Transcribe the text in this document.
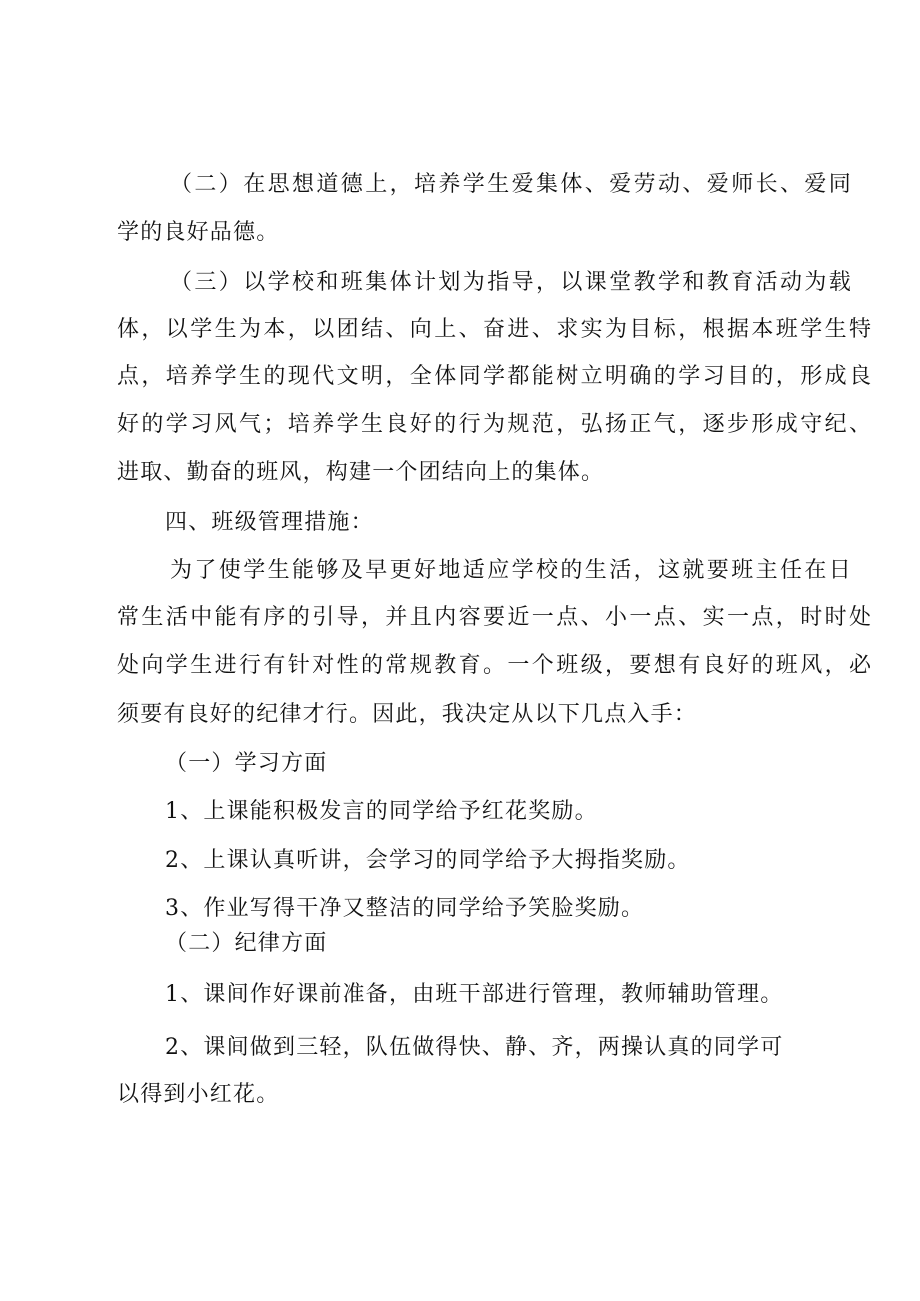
（二）在思想道德上，培养学生爱集体、爱劳动、爱师长、爱同
学的良好品德。
（三）以学校和班集体计划为指导，以课堂教学和教育活动为载
体，以学生为本，以团结、向上、奋进、求实为目标，根据本班学生特
点，培养学生的现代文明，全体同学都能树立明确的学习目的，形成良
好的学习风气；培养学生良好的行为规范，弘扬正气，逐步形成守纪、
进取、勤奋的班风，构建一个团结向上的集体。
四、班级管理措施：
为了使学生能够及早更好地适应学校的生活，这就要班主任在日
常生活中能有序的引导，并且内容要近一点、小一点、实一点，时时处
处向学生进行有针对性的常规教育。一个班级，要想有良好的班风，必
须要有良好的纪律才行。因此，我决定从以下几点入手：
（一）学习方面
1、上课能积极发言的同学给予红花奖励。
2、上课认真听讲，会学习的同学给予大拇指奖励。
3、作业写得干净又整洁的同学给予笑脸奖励。
（二）纪律方面
1、课间作好课前准备，由班干部进行管理，教师辅助管理。
2、课间做到三轻，队伍做得快、静、齐，两操认真的同学可
以得到小红花。
